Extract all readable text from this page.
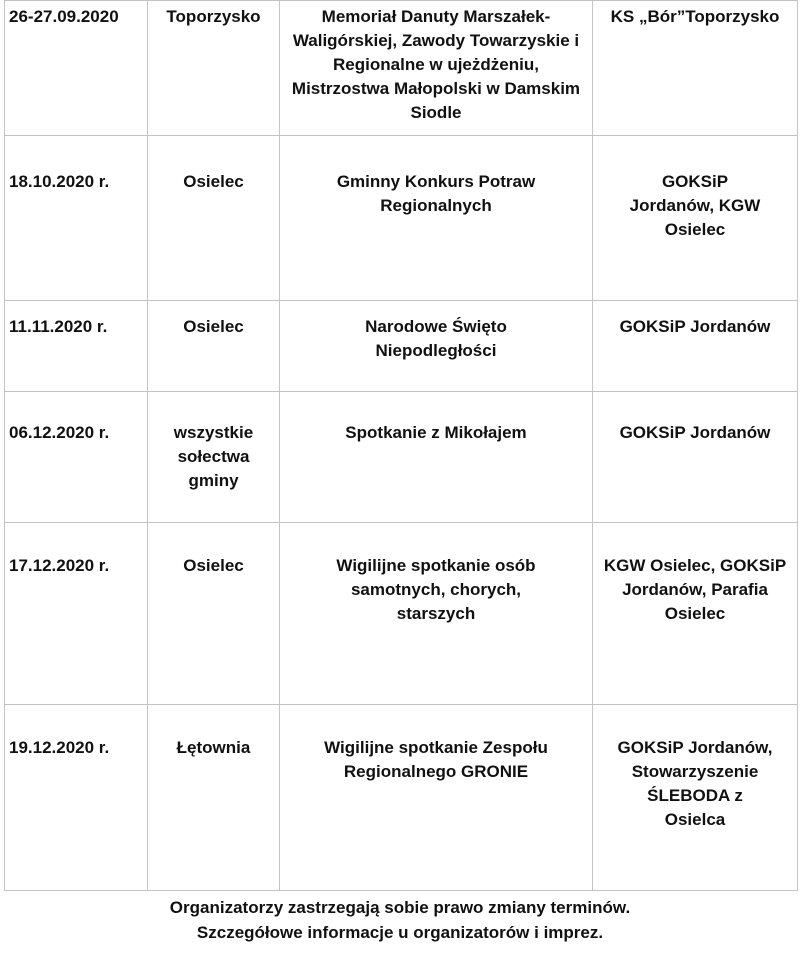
26-27.09.2020	Toporzysko	Memoriał Danuty Marszałek-Waligórskiej, Zawody Towarzyskie i Regionalne w ujeżdżeniu, Mistrzostwa Małopolski w Damskim Siodle	KS „Bór”Toporzysko
18.10.2020 r.	Osielec	Gminny Konkurs Potraw Regionalnych	GOKSiP Jordanów, KGW Osielec
11.11.2020 r.	Osielec	Narodowe Święto Niepodległości	GOKSiP Jordanów
06.12.2020 r.	wszystkie sołectwa gminy	Spotkanie z Mikołajem	GOKSiP Jordanów
17.12.2020 r.	Osielec	Wigilijne spotkanie osób samotnych, chorych, starszych	KGW Osielec, GOKSiP Jordanów, Parafia Osielec
19.12.2020 r.	Łętownia	Wigilijne spotkanie Zespołu Regionalnego GRONIE	GOKSiP Jordanów, Stowarzyszenie ŚLEBODA z Osielca
Organizatorzy zastrzegają sobie prawo zmiany terminów.
Szczegółowe informacje u organizatorów i imprez.
